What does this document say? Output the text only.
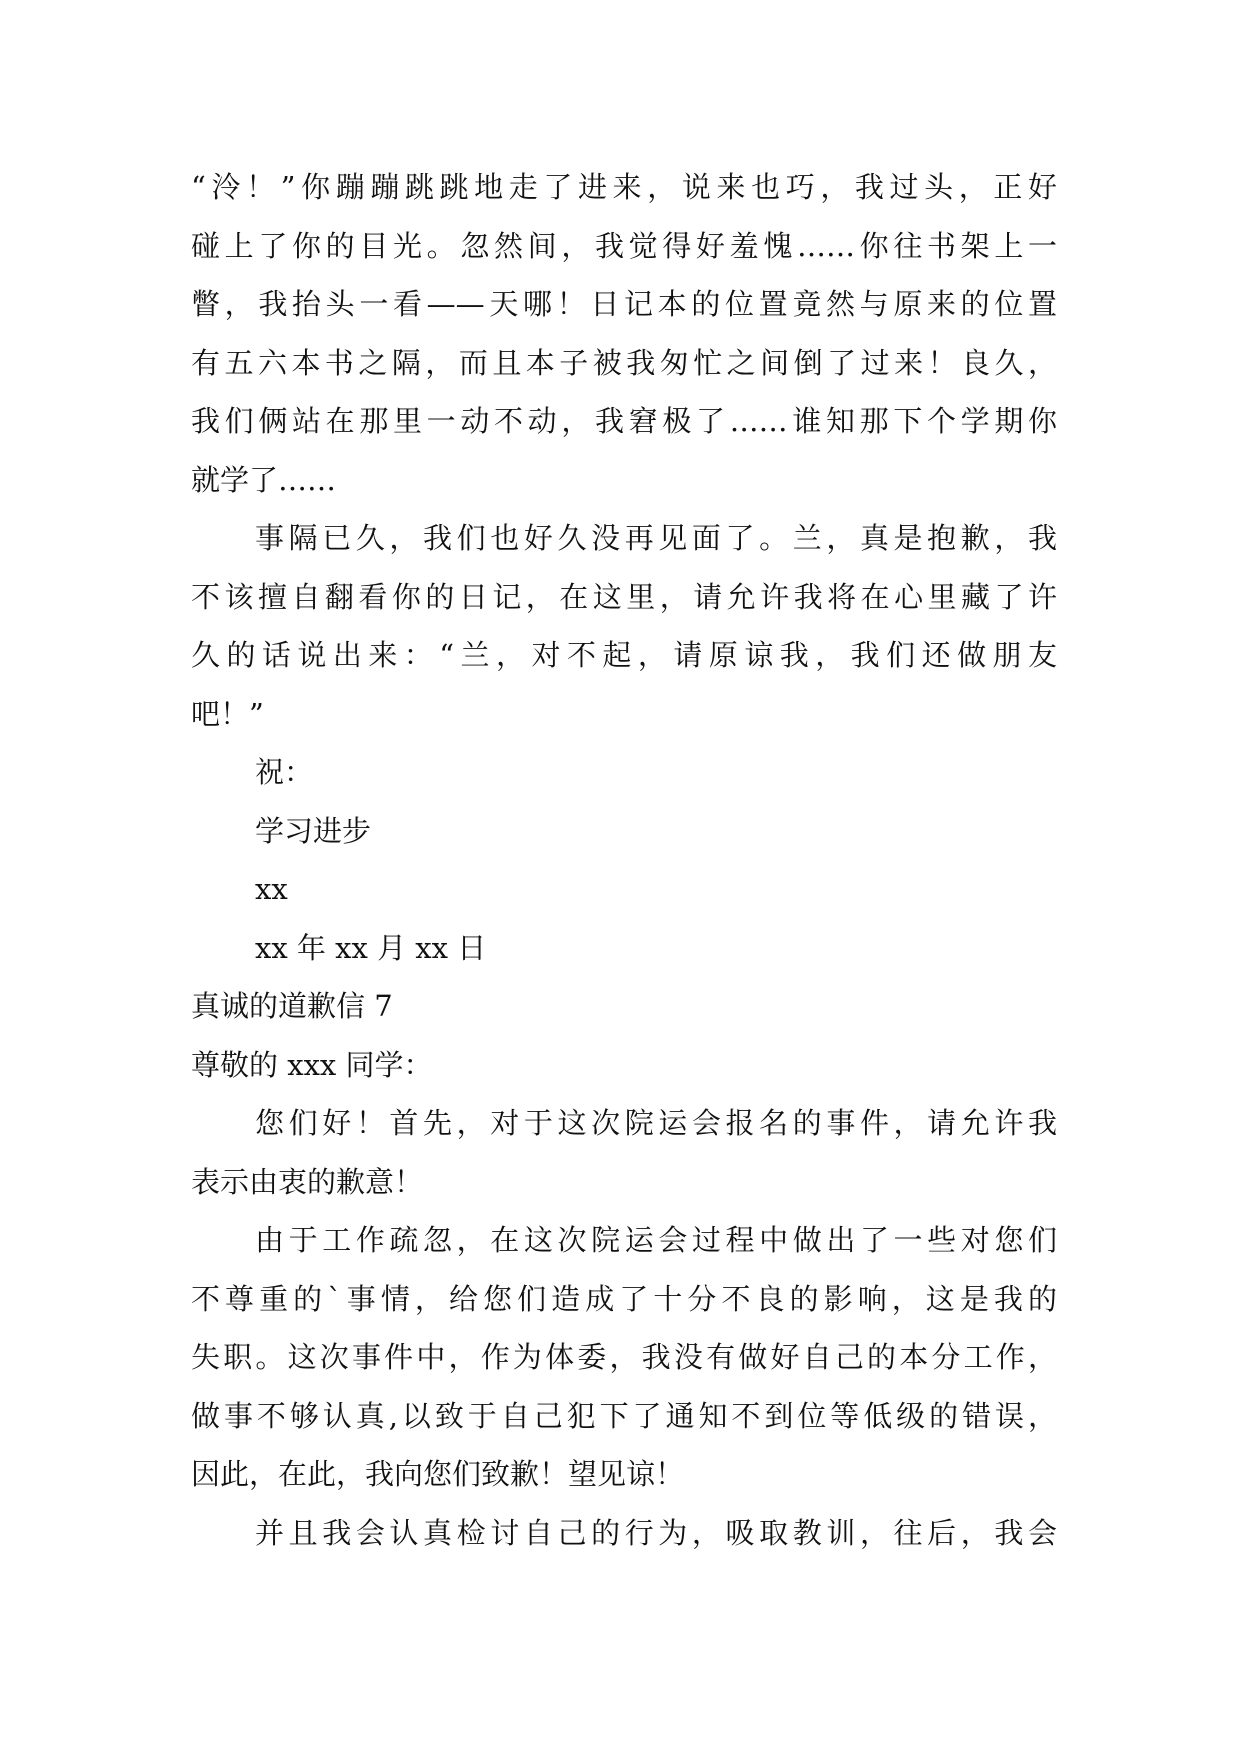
“泠！”你蹦蹦跳跳地走了进来，说来也巧，我过头，正好
碰上了你的目光。忽然间，我觉得好羞愧……你往书架上一
瞥，我抬头一看——天哪！日记本的位置竟然与原来的位置
有五六本书之隔，而且本子被我匆忙之间倒了过来！良久，
我们俩站在那里一动不动，我窘极了……谁知那下个学期你
就学了……
事隔已久，我们也好久没再见面了。兰，真是抱歉，我
不该擅自翻看你的日记，在这里，请允许我将在心里藏了许
久的话说出来：“兰，对不起，请原谅我，我们还做朋友
吧！”
祝：
学习进步
xx
xx 年 xx 月 xx 日
真诚的道歉信 7
尊敬的 xxx 同学：
您们好！首先，对于这次院运会报名的事件，请允许我
表示由衷的歉意！
由于工作疏忽，在这次院运会过程中做出了一些对您们
不尊重的`事情，给您们造成了十分不良的影响，这是我的
失职。这次事件中，作为体委，我没有做好自己的本分工作，
做事不够认真,以致于自己犯下了通知不到位等低级的错误，
因此，在此，我向您们致歉！望见谅！
并且我会认真检讨自己的行为，吸取教训，往后，我会
